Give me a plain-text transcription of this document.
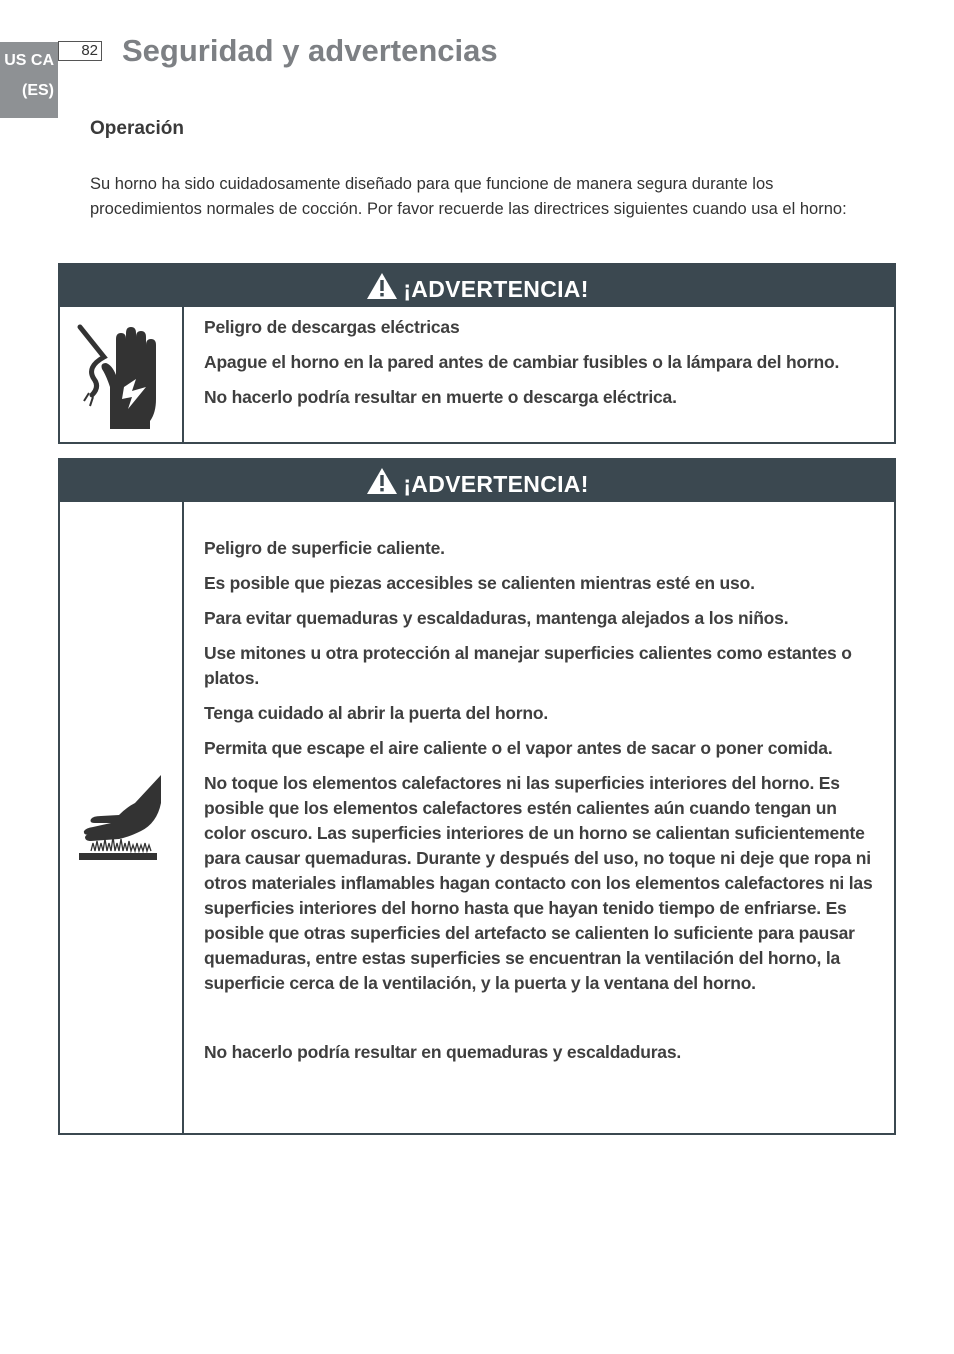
US CA
(ES)
82 Seguridad y advertencias
Operación

Su horno ha sido cuidadosamente diseñado para que funcione de manera segura durante los procedimientos normales de cocción. Por favor recuerde las directrices siguientes cuando usa el horno:

¡ADVERTENCIA!

Peligro de descargas eléctricas

Apague el horno en la pared antes de cambiar fusibles o la lámpara del horno.

No hacerlo podría resultar en muerte o descarga eléctrica.

¡ADVERTENCIA!

Peligro de superficie caliente.

Es posible que piezas accesibles se calienten mientras esté en uso.

Para evitar quemaduras y escaldaduras, mantenga alejados a los niños.

Use mitones u otra protección al manejar superficies calientes como estantes o platos.

Tenga cuidado al abrir la puerta del horno.

Permita que escape el aire caliente o el vapor antes de sacar o poner comida.

No toque los elementos calefactores ni las superficies interiores del horno. Es posible que los elementos calefactores estén calientes aún cuando tengan un color oscuro. Las superficies interiores de un horno se calientan suficientemente para causar quemaduras. Durante y después del uso, no toque ni deje que ropa ni otros materiales inflamables hagan contacto con los elementos calefactores ni las superficies interiores del horno hasta que hayan tenido tiempo de enfriarse. Es posible que otras superficies del artefacto se calienten lo suficiente para pausar quemaduras, entre estas superficies se encuentran la ventilación del horno, la superficie cerca de la ventilación, y la puerta y la ventana del horno.

No hacerlo podría resultar en quemaduras y escaldaduras.
